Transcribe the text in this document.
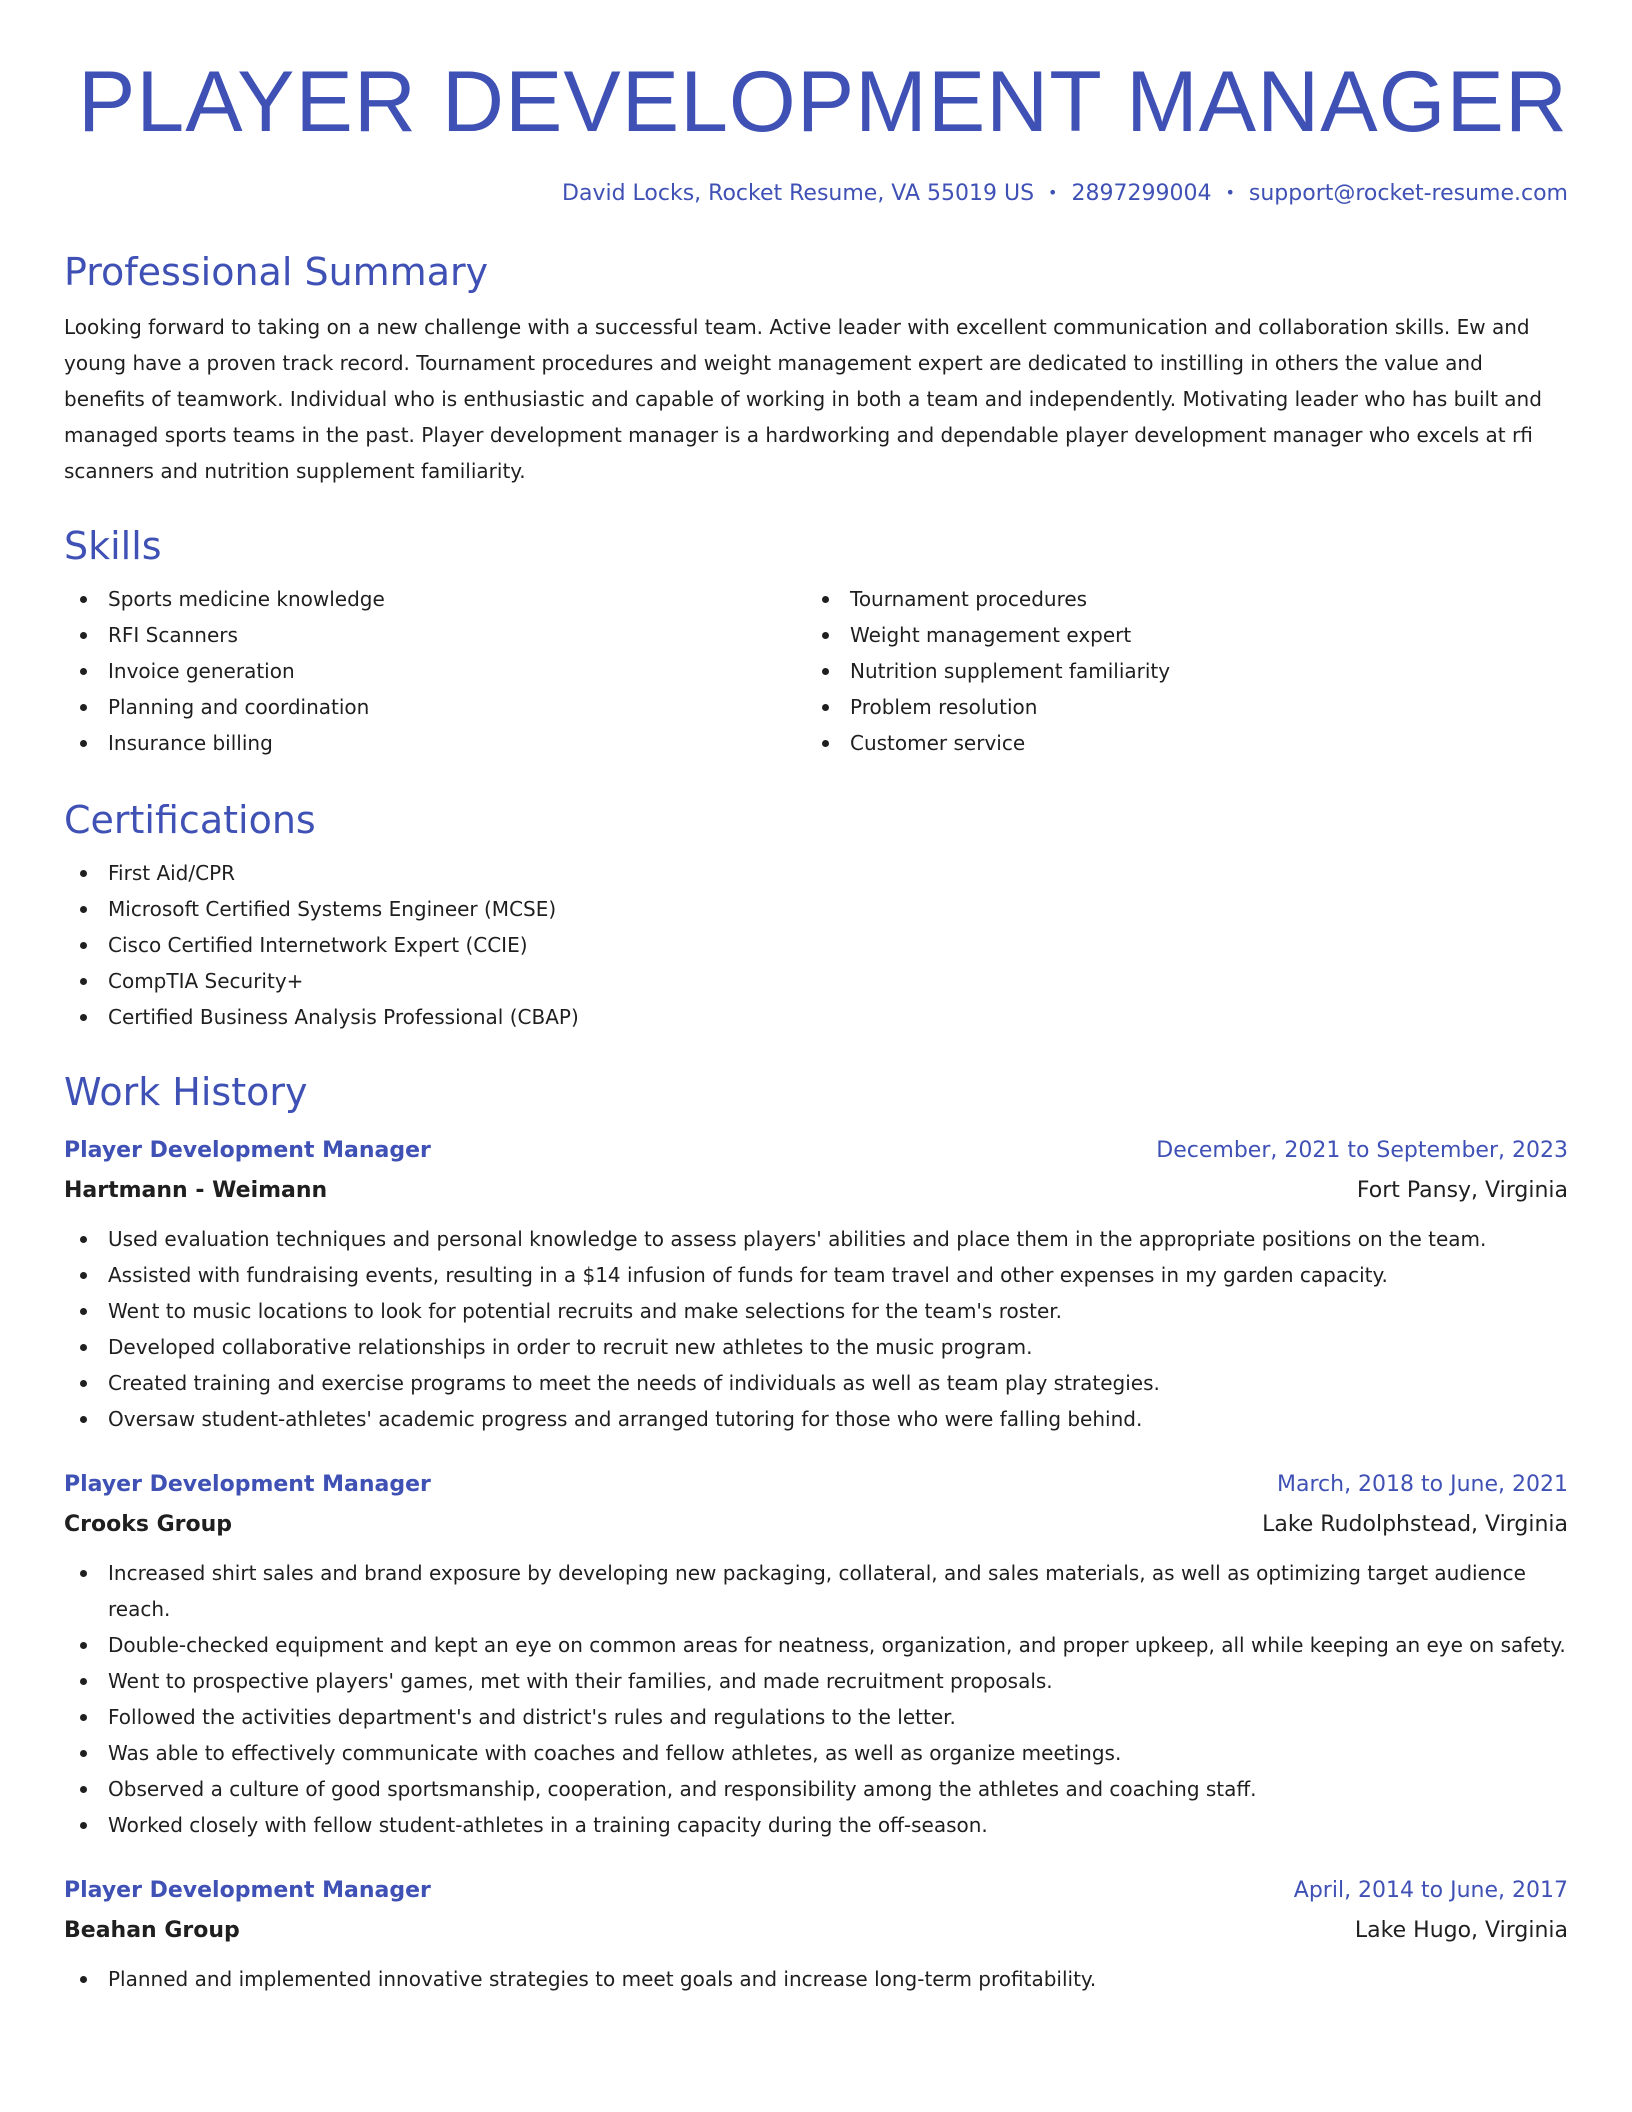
PLAYER DEVELOPMENT MANAGER
David Locks, Rocket Resume, VA 55019 US • 2897299004 • support@rocket-resume.com
Professional Summary

Looking forward to taking on a new challenge with a successful team. Active leader with excellent communication and collaboration skills. Ew and young have a proven track record. Tournament procedures and weight management expert are dedicated to instilling in others the value and benefits of teamwork. Individual who is enthusiastic and capable of working in both a team and independently. Motivating leader who has built and managed sports teams in the past. Player development manager is a hardworking and dependable player development manager who excels at rfi scanners and nutrition supplement familiarity.

Skills
Sports medicine knowledge
RFI Scanners
Invoice generation
Planning and coordination
Insurance billing
Tournament procedures
Weight management expert
Nutrition supplement familiarity
Problem resolution
Customer service
Certifications
First Aid/CPR
Microsoft Certified Systems Engineer (MCSE)
Cisco Certified Internetwork Expert (CCIE)
CompTIA Security+
Certified Business Analysis Professional (CBAP)
Work History
Player Development Manager	December, 2021 to September, 2023
Hartmann - Weimann	Fort Pansy, Virginia
Used evaluation techniques and personal knowledge to assess players' abilities and place them in the appropriate positions on the team.
Assisted with fundraising events, resulting in a $14 infusion of funds for team travel and other expenses in my garden capacity.
Went to music locations to look for potential recruits and make selections for the team's roster.
Developed collaborative relationships in order to recruit new athletes to the music program.
Created training and exercise programs to meet the needs of individuals as well as team play strategies.
Oversaw student-athletes' academic progress and arranged tutoring for those who were falling behind.
Player Development Manager	March, 2018 to June, 2021
Crooks Group	Lake Rudolphstead, Virginia
Increased shirt sales and brand exposure by developing new packaging, collateral, and sales materials, as well as optimizing target audience reach.
Double-checked equipment and kept an eye on common areas for neatness, organization, and proper upkeep, all while keeping an eye on safety.
Went to prospective players' games, met with their families, and made recruitment proposals.
Followed the activities department's and district's rules and regulations to the letter.
Was able to effectively communicate with coaches and fellow athletes, as well as organize meetings.
Observed a culture of good sportsmanship, cooperation, and responsibility among the athletes and coaching staff.
Worked closely with fellow student-athletes in a training capacity during the off-season.
Player Development Manager	April, 2014 to June, 2017
Beahan Group	Lake Hugo, Virginia
Planned and implemented innovative strategies to meet goals and increase long-term profitability.
